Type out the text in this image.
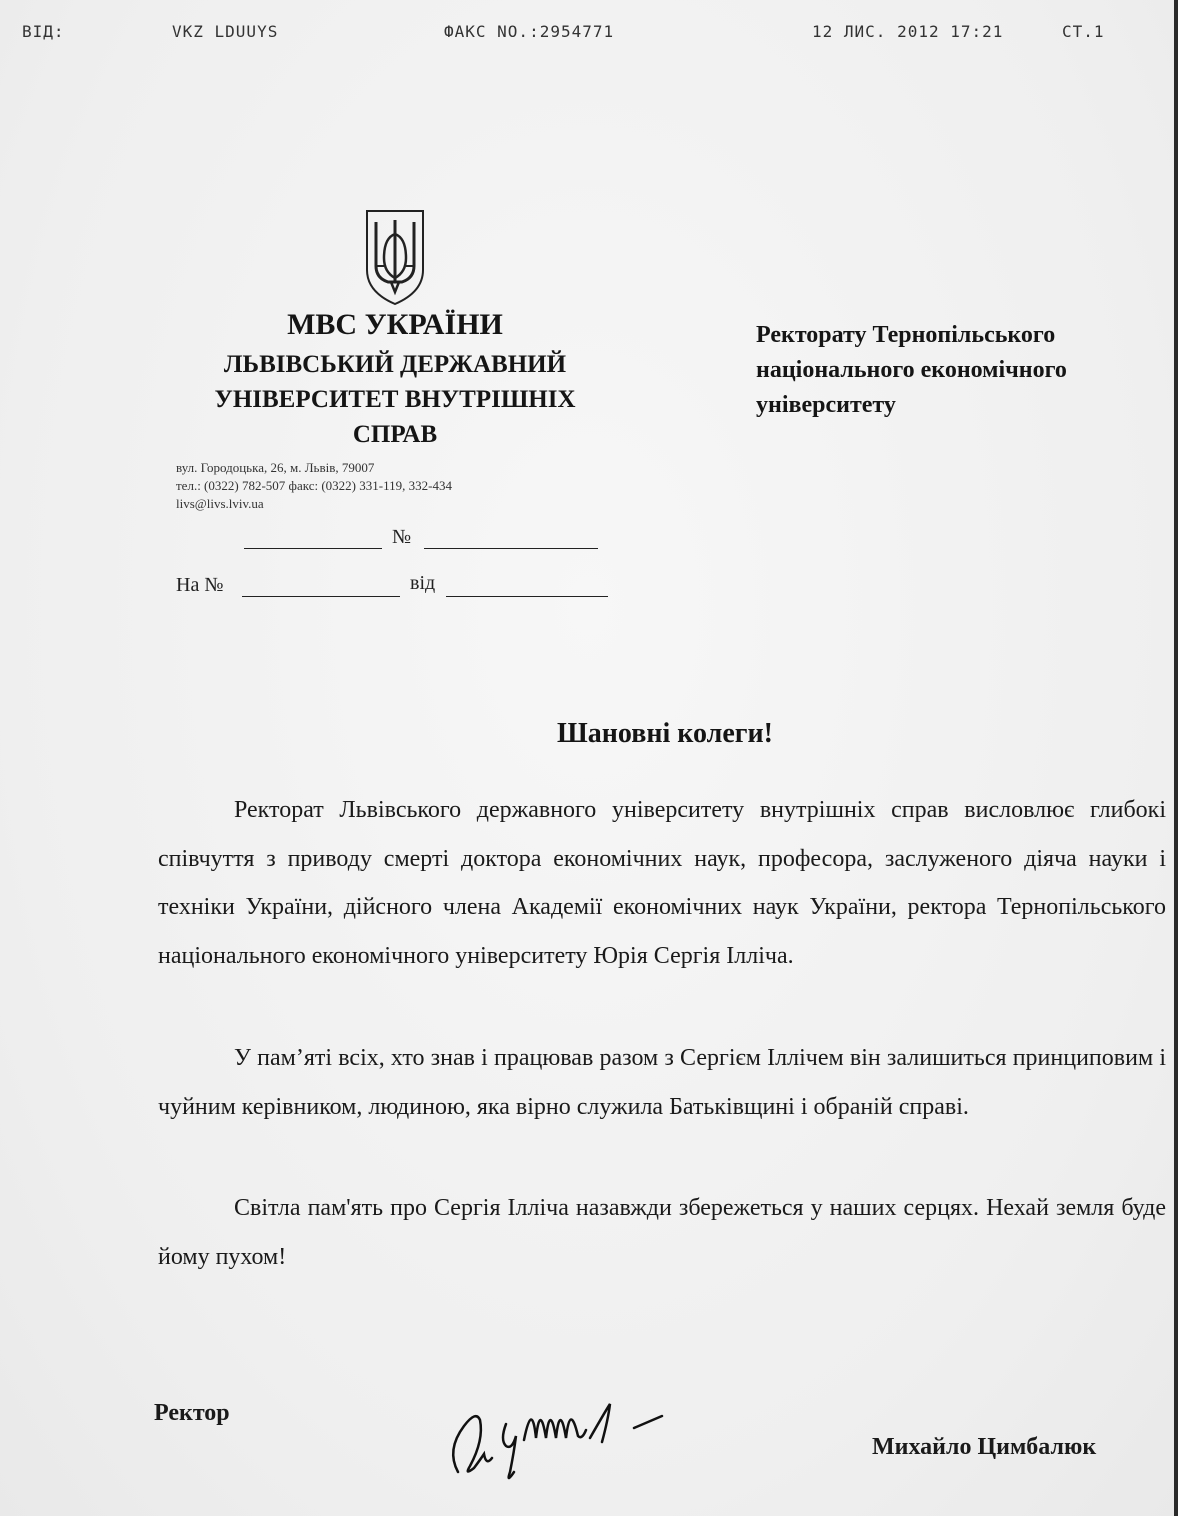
ВІД:	VKZ LDUUYS	ФАКС NO.:2954771	12 ЛИС. 2012 17:21	СТ.1
МВС УКРАЇНИ
ЛЬВІВСЬКИЙ ДЕРЖАВНИЙ
УНІВЕРСИТЕТ ВНУТРІШНІХ
СПРАВ
вул. Городоцька, 26, м. Львів, 79007
тел.: (0322) 782-507 факс: (0322) 331-119, 332-434
livs@livs.lviv.ua
№
На №	від
Ректорату Тернопільського
національного економічного
університету
Шановні колеги!

Ректорат Львівського державного університету внутрішніх справ висловлює глибокі співчуття з приводу смерті доктора економічних наук, професора, заслуженого діяча науки і техніки України, дійсного члена Академії економічних наук України, ректора Тернопільського національного економічного університету Юрія Сергія Ілліча.

У пам’яті всіх, хто знав і працював разом з Сергієм Іллічем він залишиться принциповим і чуйним керівником, людиною, яка вірно служила Батьківщині і обраній справі.

Світла пам'ять про Сергія Ілліча назавжди збережеться у наших серцях. Нехай земля буде йому пухом!

Ректор
Михайло Цимбалюк
